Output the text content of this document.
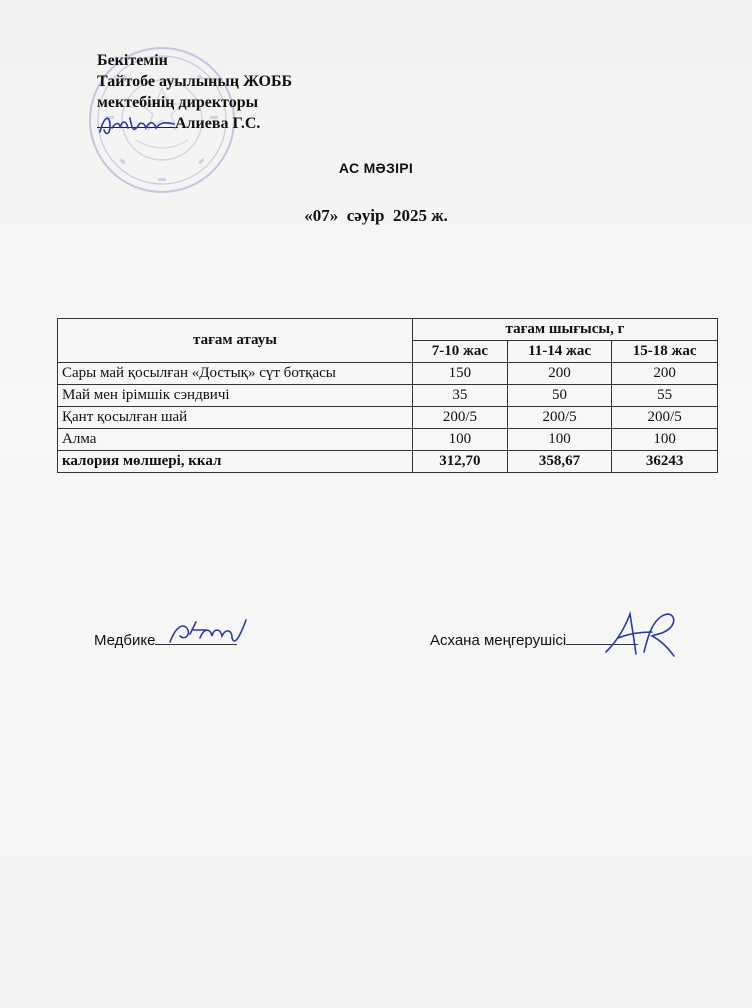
Бекітемін
Тайтобе ауылының ЖОББ
мектебінің директоры
Алиева Г.С.
АС МӘЗІРІ
«07»  сәуір  2025 ж.
тағам атауы	тағам шығысы, г		
	7-10 жас	11-14 жас	15-18 жас
Сары май қосылған «Достық» сүт ботқасы	150	200	200
Май мен ірімшік сэндвичі	35	50	55
Қант қосылған шай	200/5	200/5	200/5
Алма	100	100	100
калория мөлшері, ккал	312,70	358,67	36243
Медбике	Асхана меңгерушісі
